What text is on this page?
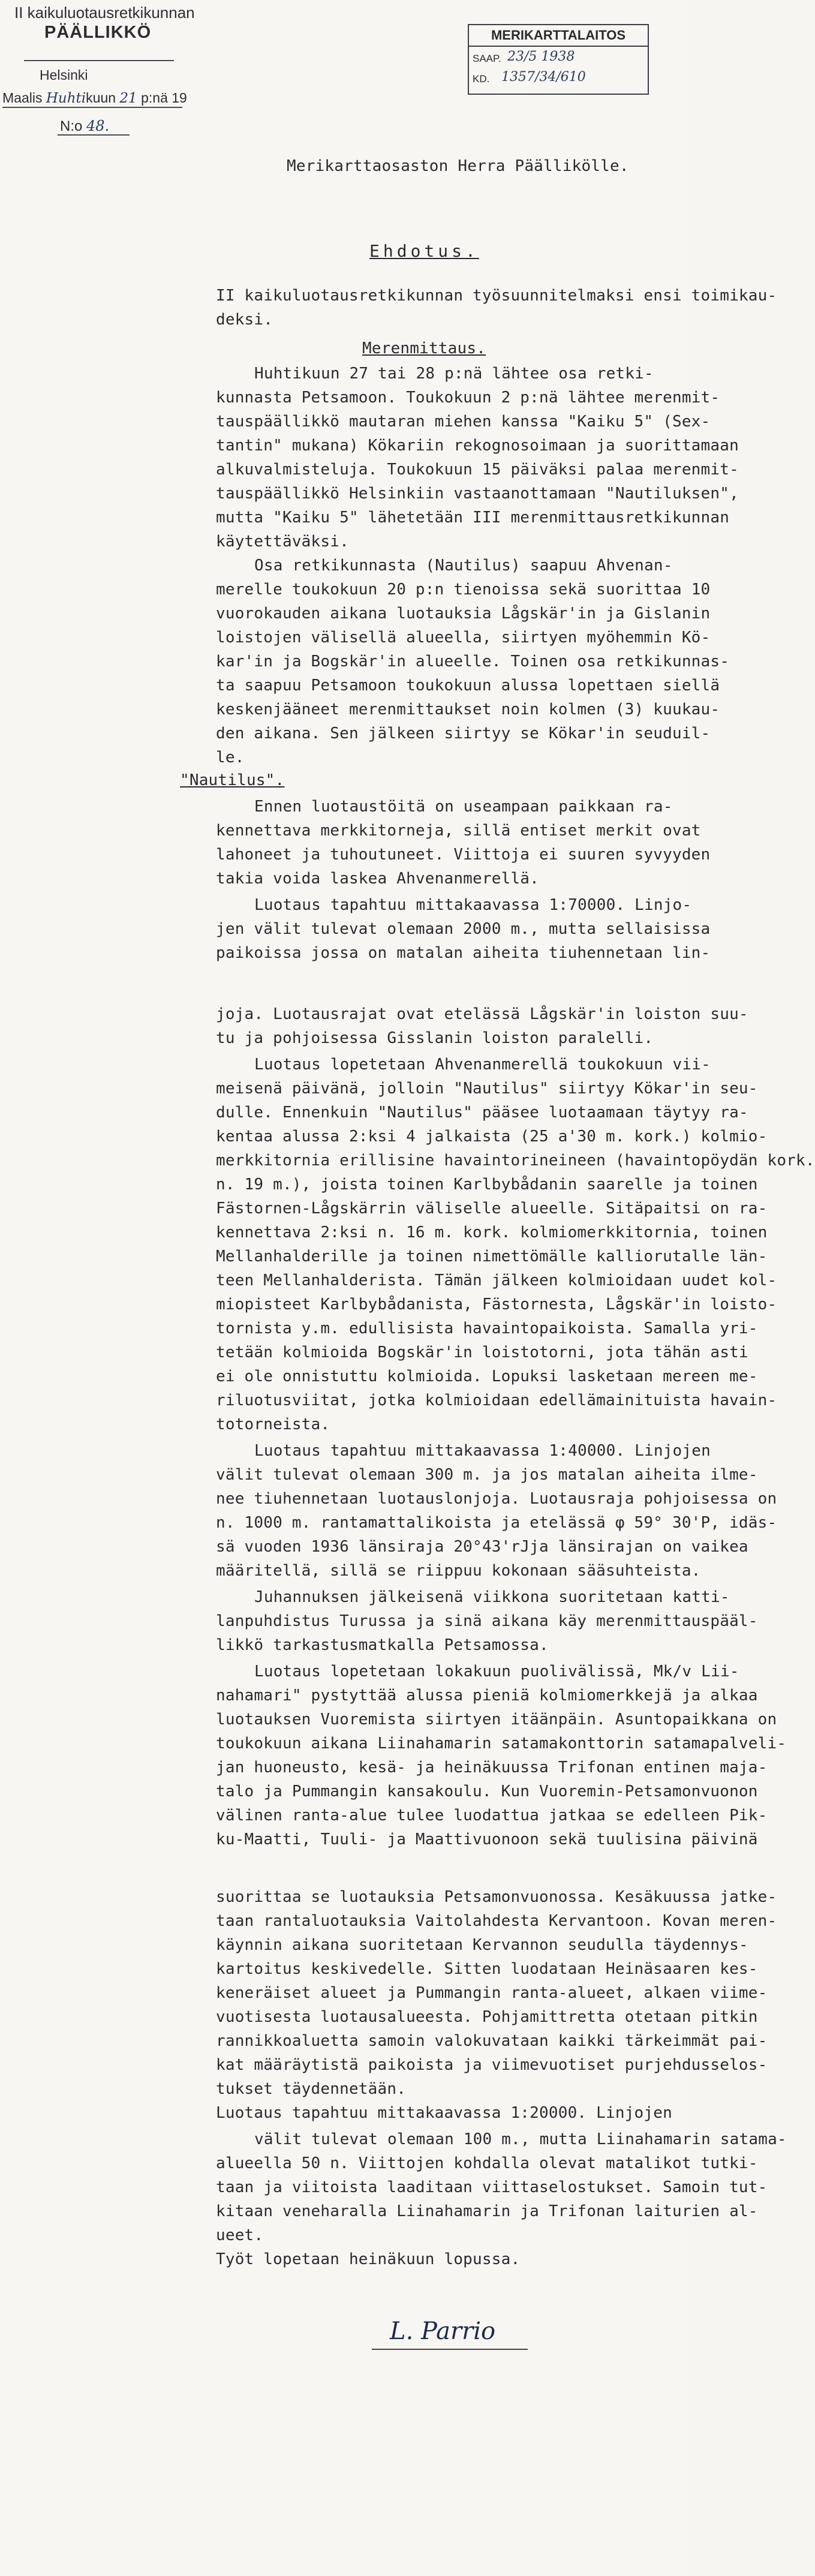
II kaikuluotausretkikunnan
PÄÄLLIKKÖ
Helsinki
Maalis Huhtikuun 21 p:nä 19
N:o 48.
MERIKARTTALAITOS
SAAP. 23/5 1938
KD. 1357/34/610
Merikarttaosaston Herra Päällikölle.
Ehdotus.
II kaikuluotausretkikunnan työsuunnitelmaksi ensi toimikau-
deksi.
Merenmittaus.
Huhtikuun 27 tai 28 p:nä lähtee osa retki-
kunnasta Petsamoon. Toukokuun 2 p:nä lähtee merenmit-
tauspäällikkö mautaran miehen kanssa "Kaiku 5" (Sex-
tantin" mukana) Kökariin rekognosoimaan ja suorittamaan
alkuvalmisteluja. Toukokuun 15 päiväksi palaa merenmit-
tauspäällikkö Helsinkiin vastaanottamaan "Nautiluksen",
mutta "Kaiku 5" lähetetään III merenmittausretkikunnan
käytettäväksi.
Osa retkikunnasta (Nautilus) saapuu Ahvenan-
merelle toukokuun 20 p:n tienoissa sekä suorittaa 10
vuorokauden aikana luotauksia Lågskär'in ja Gislanin
loistojen välisellä alueella, siirtyen myöhemmin Kö-
kar'in ja Bogskär'in alueelle. Toinen osa retkikunnas-
ta saapuu Petsamoon toukokuun alussa lopettaen siellä
keskenjääneet merenmittaukset noin kolmen (3) kuukau-
den aikana. Sen jälkeen siirtyy se Kökar'in seuduil-
le.
"Nautilus".
Ennen luotaustöitä on useampaan paikkaan ra-
kennettava merkkitorneja, sillä entiset merkit ovat
lahoneet ja tuhoutuneet. Viittoja ei suuren syvyyden
takia voida laskea Ahvenanmerellä.
Luotaus tapahtuu mittakaavassa 1:70000. Linjo-
jen välit tulevat olemaan 2000 m., mutta sellaisissa
paikoissa jossa on matalan aiheita tiuhennetaan lin-
joja. Luotausrajat ovat etelässä Lågskär'in loiston suu-
tu ja pohjoisessa Gisslanin loiston paralelli.
Luotaus lopetetaan Ahvenanmerellä toukokuun vii-
meisenä päivänä, jolloin "Nautilus" siirtyy Kökar'in seu-
dulle. Ennenkuin "Nautilus" pääsee luotaamaan täytyy ra-
kentaa alussa 2:ksi 4 jalkaista (25 a'30 m. kork.) kolmio-
merkkitornia erillisine havaintorineineen (havaintopöydän kork.
n. 19 m.), joista toinen Karlbybådanin saarelle ja toinen
Fästornen-Lågskärrin väliselle alueelle. Sitäpaitsi on ra-
kennettava 2:ksi n. 16 m. kork. kolmiomerkkitornia, toinen
Mellanhalderille ja toinen nimettömälle kalliorutalle län-
teen Mellanhalderista. Tämän jälkeen kolmioidaan uudet kol-
miopisteet Karlbybådanista, Fästornesta, Lågskär'in loisto-
tornista y.m. edullisista havaintopaikoista. Samalla yri-
tetään kolmioida Bogskär'in loistotorni, jota tähän asti
ei ole onnistuttu kolmioida. Lopuksi lasketaan mereen me-
riluotusviitat, jotka kolmioidaan edellämainituista havain-
totorneista.
Luotaus tapahtuu mittakaavassa 1:40000. Linjojen
välit tulevat olemaan 300 m. ja jos matalan aiheita ilme-
nee tiuhennetaan luotauslonjoja. Luotausraja pohjoisessa on
n. 1000 m. rantamattalikoista ja etelässä φ 59° 30'P, idäs-
sä vuoden 1936 länsiraja 20°43'rJja länsirajan on vaikea
määritellä, sillä se riippuu kokonaan sääsuhteista.
Juhannuksen jälkeisenä viikkona suoritetaan katti-
lanpuhdistus Turussa ja sinä aikana käy merenmittauspääl-
likkö tarkastusmatkalla Petsamossa.
Luotaus lopetetaan lokakuun puolivälissä, Mk/v Lii-
nahamari" pystyttää alussa pieniä kolmiomerkkejä ja alkaa
luotauksen Vuoremista siirtyen itäänpäin. Asuntopaikkana on
toukokuun aikana Liinahamarin satamakonttorin satamapalveli-
jan huoneusto, kesä- ja heinäkuussa Trifonan entinen maja-
talo ja Pummangin kansakoulu. Kun Vuoremin-Petsamonvuonon
välinen ranta-alue tulee luodattua jatkaa se edelleen Pik-
ku-Maatti, Tuuli- ja Maattivuonoon sekä tuulisina päivinä
suorittaa se luotauksia Petsamonvuonossa. Kesäkuussa jatke-
taan rantaluotauksia Vaitolahdesta Kervantoon. Kovan meren-
käynnin aikana suoritetaan Kervannon seudulla täydennys-
kartoitus keskivedelle. Sitten luodataan Heinäsaaren kes-
keneräiset alueet ja Pummangin ranta-alueet, alkaen viime-
vuotisesta luotausalueesta. Pohjamittretta otetaan pitkin
rannikkoaluetta samoin valokuvataan kaikki tärkeimmät pai-
kat määräytistä paikoista ja viimevuotiset purjehdusselos-
tukset täydennetään.
Luotaus tapahtuu mittakaavassa 1:20000. Linjojen
välit tulevat olemaan 100 m., mutta Liinahamarin satama-
alueella 50 n. Viittojen kohdalla olevat matalikot tutki-
taan ja viitoista laaditaan viittaselostukset. Samoin tut-
kitaan veneharalla Liinahamarin ja Trifonan laiturien al-
ueet.
Työt lopetaan heinäkuun lopussa.
L. Parrio
